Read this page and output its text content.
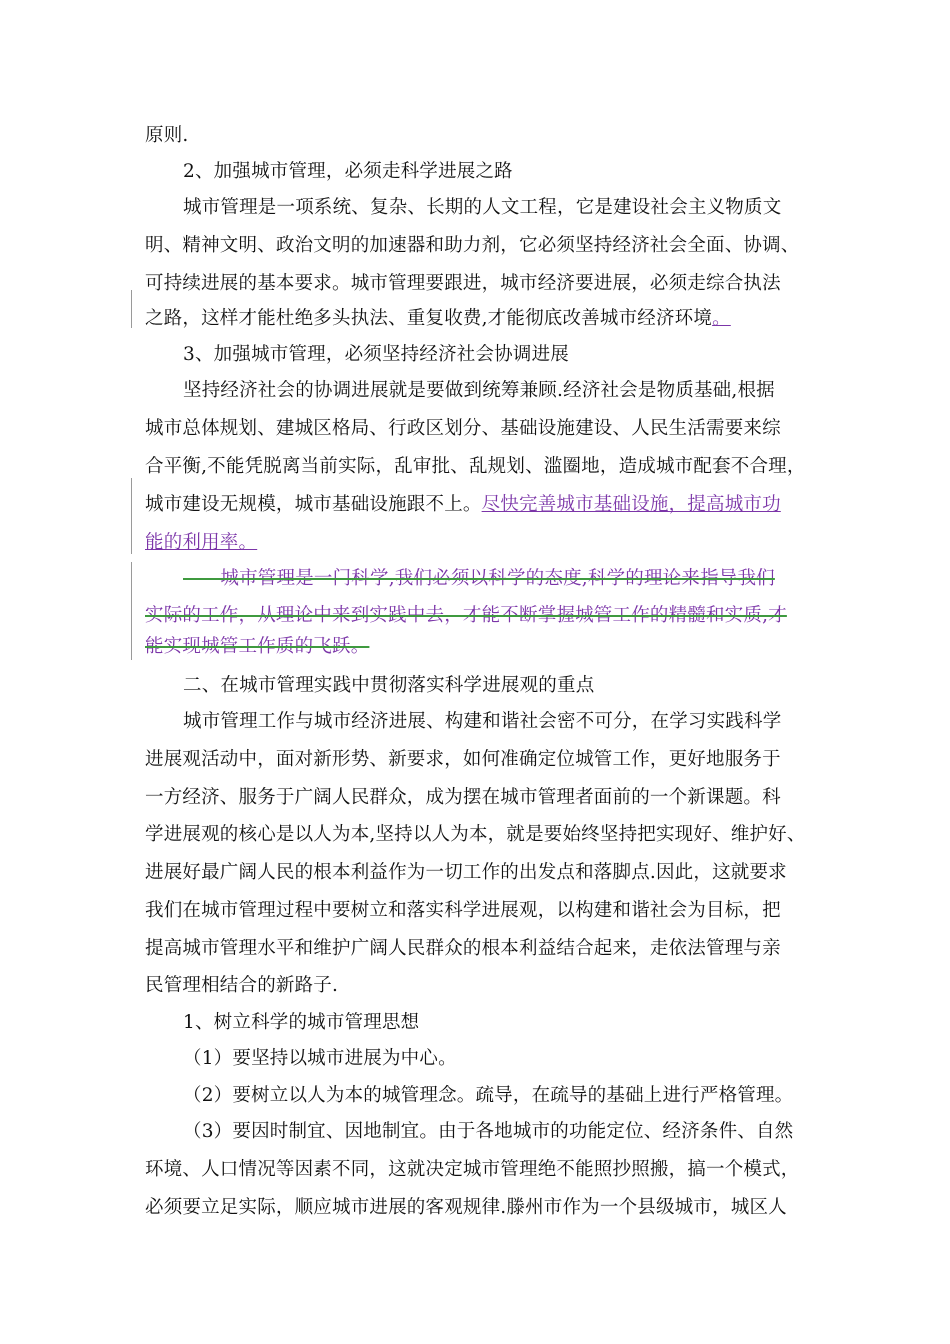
原则.
2、加强城市管理，必须走科学进展之路
城市管理是一项系统、复杂、长期的人文工程，它是建设社会主义物质文
明、精神文明、政治文明的加速器和助力剂，它必须坚持经济社会全面、协调、
可持续进展的基本要求。城市管理要跟进，城市经济要进展，必须走综合执法
之路，这样才能杜绝多头执法、重复收费,才能彻底改善城市经济环境。
3、加强城市管理，必须坚持经济社会协调进展
坚持经济社会的协调进展就是要做到统筹兼顾.经济社会是物质基础,根据
城市总体规划、建城区格局、行政区划分、基础设施建设、人民生活需要来综
合平衡,不能凭脱离当前实际，乱审批、乱规划、滥圈地，造成城市配套不合理，
城市建设无规模，城市基础设施跟不上。尽快完善城市基础设施，提高城市功
能的利用率。
　　城市管理是一门科学,我们必须以科学的态度,科学的理论来指导我们
实际的工作，从理论中来到实践中去，才能不断掌握城管工作的精髓和实质,才
能实现城管工作质的飞跃。
二、在城市管理实践中贯彻落实科学进展观的重点
城市管理工作与城市经济进展、构建和谐社会密不可分，在学习实践科学
进展观活动中，面对新形势、新要求，如何准确定位城管工作，更好地服务于
一方经济、服务于广阔人民群众，成为摆在城市管理者面前的一个新课题。科
学进展观的核心是以人为本,坚持以人为本，就是要始终坚持把实现好、维护好、
进展好最广阔人民的根本利益作为一切工作的出发点和落脚点.因此，这就要求
我们在城市管理过程中要树立和落实科学进展观，以构建和谐社会为目标，把
提高城市管理水平和维护广阔人民群众的根本利益结合起来，走依法管理与亲
民管理相结合的新路子.
1、树立科学的城市管理思想
（1）要坚持以城市进展为中心。
（2）要树立以人为本的城管理念。疏导，在疏导的基础上进行严格管理。
（3）要因时制宜、因地制宜。由于各地城市的功能定位、经济条件、自然
环境、人口情况等因素不同，这就决定城市管理绝不能照抄照搬，搞一个模式，
必须要立足实际，顺应城市进展的客观规律.滕州市作为一个县级城市，城区人
